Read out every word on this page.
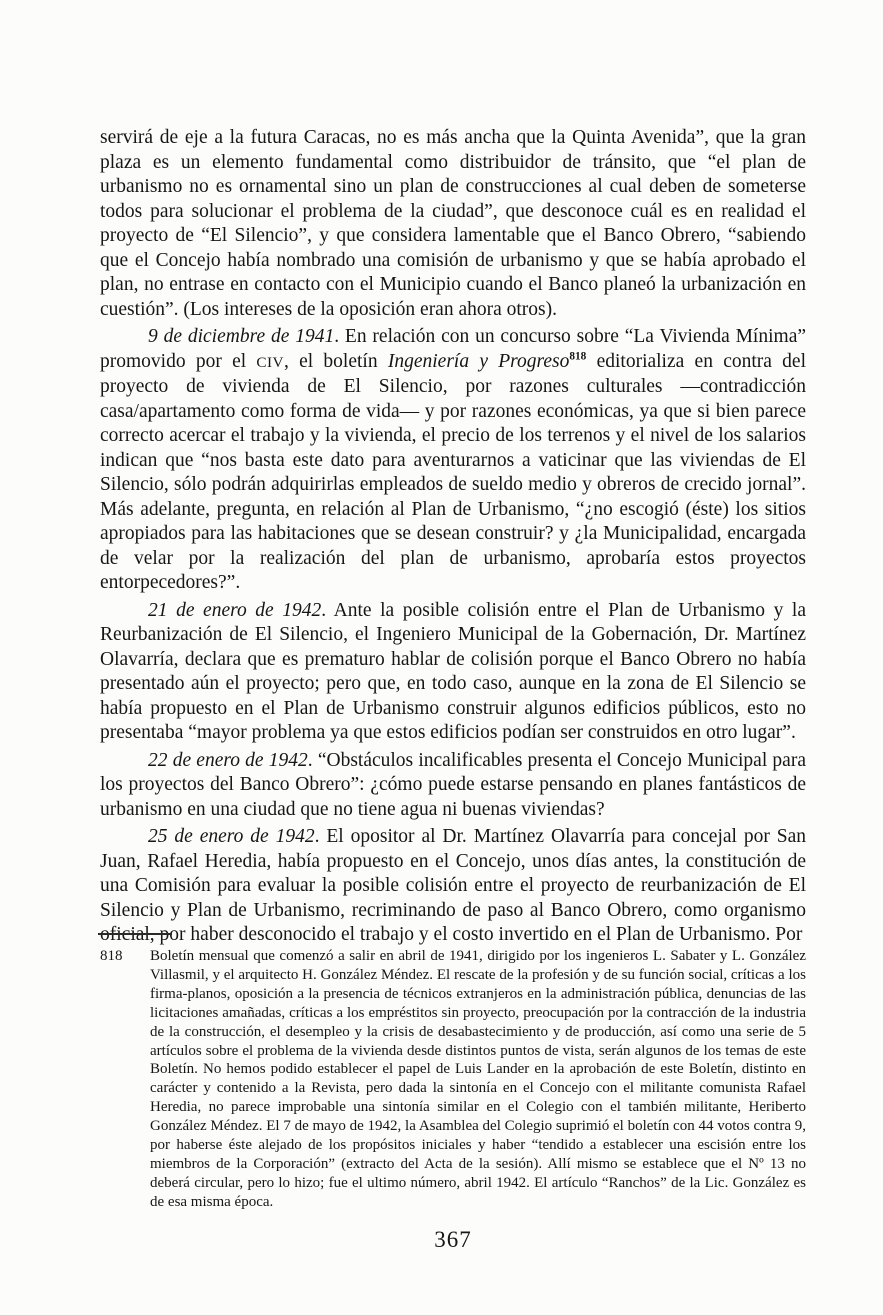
servirá de eje a la futura Caracas, no es más ancha que la Quinta Avenida”, que la gran plaza es un elemento fundamental como distribuidor de tránsito, que “el plan de urbanismo no es ornamental sino un plan de construcciones al cual deben de someterse todos para solucionar el problema de la ciudad”, que desconoce cuál es en realidad el proyecto de “El Silencio”, y que considera lamentable que el Banco Obrero, “sabiendo que el Concejo había nombrado una comisión de urbanismo y que se había aprobado el plan, no entrase en contacto con el Municipio cuando el Banco planeó la urbanización en cuestión”. (Los intereses de la oposición eran ahora otros).

9 de diciembre de 1941. En relación con un concurso sobre “La Vivienda Mínima” promovido por el CIV, el boletín Ingeniería y Progreso$^{818}$ editorializa en contra del proyecto de vivienda de El Silencio, por razones culturales —contradicción casa/apartamento como forma de vida— y por razones económicas, ya que si bien parece correcto acercar el trabajo y la vivienda, el precio de los terrenos y el nivel de los salarios indican que “nos basta este dato para aventurarnos a vaticinar que las viviendas de El Silencio, sólo podrán adquirirlas empleados de sueldo medio y obreros de crecido jornal”. Más adelante, pregunta, en relación al Plan de Urbanismo, “¿no escogió (éste) los sitios apropiados para las habitaciones que se desean construir? y ¿la Municipalidad, encargada de velar por la realización del plan de urbanismo, aprobaría estos proyectos entorpecedores?”.

21 de enero de 1942. Ante la posible colisión entre el Plan de Urbanismo y la Reurbanización de El Silencio, el Ingeniero Municipal de la Gobernación, Dr. Martínez Olavarría, declara que es prematuro hablar de colisión porque el Banco Obrero no había presentado aún el proyecto; pero que, en todo caso, aunque en la zona de El Silencio se había propuesto en el Plan de Urbanismo construir algunos edificios públicos, esto no presentaba “mayor problema ya que estos edificios podían ser construidos en otro lugar”.

22 de enero de 1942. “Obstáculos incalificables presenta el Concejo Municipal para los proyectos del Banco Obrero”: ¿cómo puede estarse pensando en planes fantásticos de urbanismo en una ciudad que no tiene agua ni buenas viviendas?

25 de enero de 1942. El opositor al Dr. Martínez Olavarría para concejal por San Juan, Rafael Heredia, había propuesto en el Concejo, unos días antes, la constitución de una Comisión para evaluar la posible colisión entre el proyecto de reurbanización de El Silencio y Plan de Urbanismo, recriminando de paso al Banco Obrero, como organismo oficial, por haber desconocido el trabajo y el costo invertido en el Plan de Urbanismo. Por

818	Boletín mensual que comenzó a salir en abril de 1941, dirigido por los ingenieros L. Sabater y L. González Villasmil, y el arquitecto H. González Méndez. El rescate de la profesión y de su función social, críticas a los firma-planos, oposición a la presencia de técnicos extranjeros en la administración pública, denuncias de las licitaciones amañadas, críticas a los empréstitos sin proyecto, preocupación por la contracción de la industria de la construcción, el desempleo y la crisis de desabastecimiento y de producción, así como una serie de 5 artículos sobre el problema de la vivienda desde distintos puntos de vista, serán algunos de los temas de este Boletín. No hemos podido establecer el papel de Luis Lander en la aprobación de este Boletín, distinto en carácter y contenido a la Revista, pero dada la sintonía en el Concejo con el militante comunista Rafael Heredia, no parece improbable una sintonía similar en el Colegio con el también militante, Heriberto González Méndez. El 7 de mayo de 1942, la Asamblea del Colegio suprimió el boletín con 44 votos contra 9, por haberse éste alejado de los propósitos iniciales y haber “tendido a establecer una escisión entre los miembros de la Corporación” (extracto del Acta de la sesión). Allí mismo se establece que el Nº 13 no deberá circular, pero lo hizo; fue el ultimo número, abril 1942. El artículo “Ranchos” de la Lic. González es de esa misma época.
367
